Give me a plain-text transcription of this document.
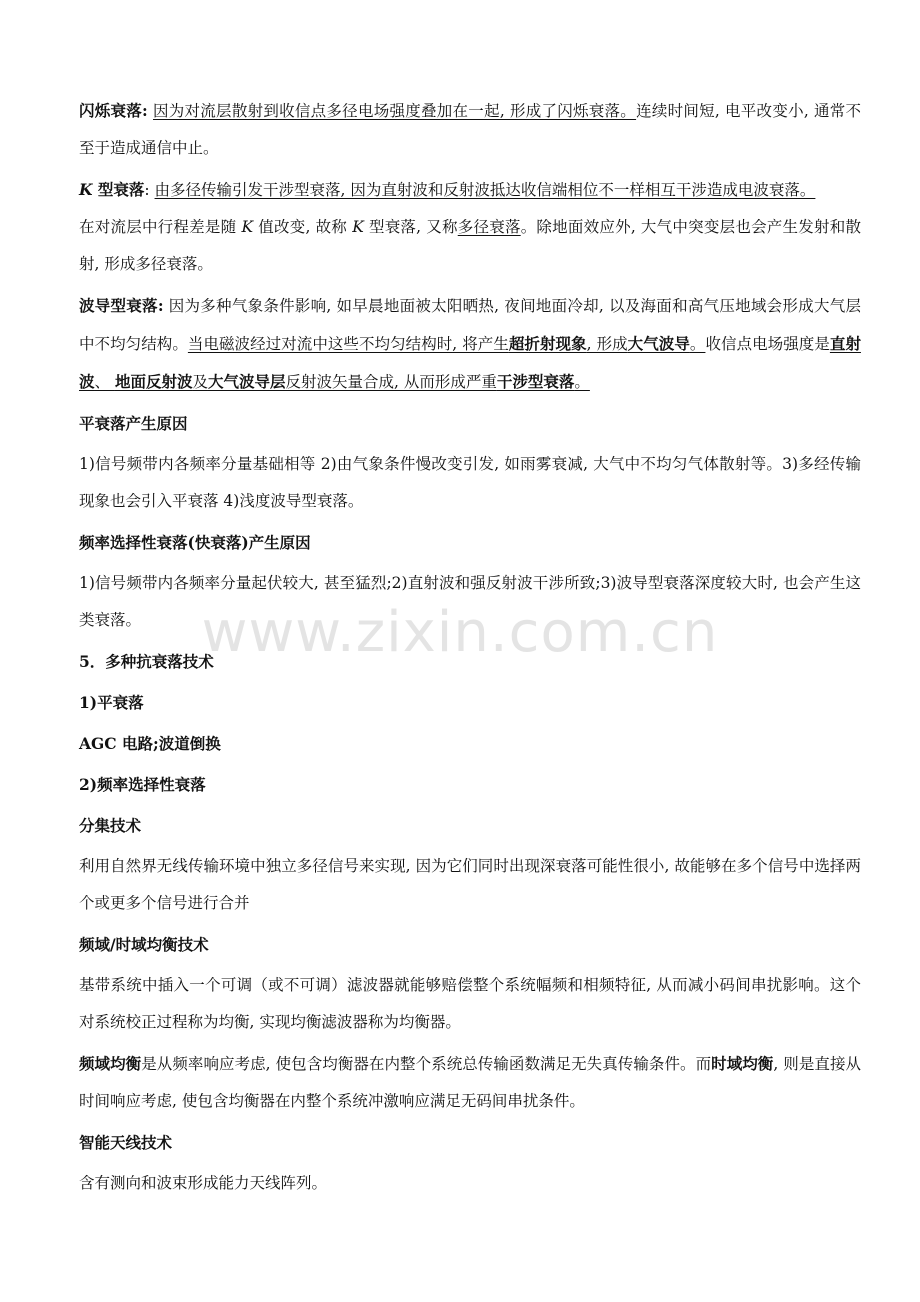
www.zixin.com.cn

闪烁衰落: 因为对流层散射到收信点多径电场强度叠加在一起, 形成了闪烁衰落。连续时间短, 电平改变小, 通常不至于造成通信中止。

K 型衰落: 由多径传输引发干涉型衰落, 因为直射波和反射波抵达收信端相位不一样相互干涉造成电波衰落。
在对流层中行程差是随 K 值改变, 故称 K 型衰落, 又称多径衰落。除地面效应外, 大气中突变层也会产生发射和散射, 形成多径衰落。

波导型衰落: 因为多种气象条件影响, 如早晨地面被太阳晒热, 夜间地面冷却, 以及海面和高气压地域会形成大气层中不均匀结构。当电磁波经过对流中这些不均匀结构时, 将产生超折射现象, 形成大气波导。收信点电场强度是直射波、 地面反射波及大气波导层反射波矢量合成, 从而形成严重干涉型衰落。

平衰落产生原因

1)信号频带内各频率分量基础相等 2)由气象条件慢改变引发, 如雨雾衰减, 大气中不均匀气体散射等。3)多经传输现象也会引入平衰落 4)浅度波导型衰落。

频率选择性衰落(快衰落)产生原因

1)信号频带内各频率分量起伏较大, 甚至猛烈;2)直射波和强反射波干涉所致;3)波导型衰落深度较大时, 也会产生这类衰落。

5．多种抗衰落技术

1)平衰落

AGC 电路;波道倒换

2)频率选择性衰落

分集技术

利用自然界无线传输环境中独立多径信号来实现, 因为它们同时出现深衰落可能性很小, 故能够在多个信号中选择两个或更多个信号进行合并

频域/时域均衡技术

基带系统中插入一个可调（或不可调）滤波器就能够赔偿整个系统幅频和相频特征, 从而减小码间串扰影响。这个对系统校正过程称为均衡, 实现均衡滤波器称为均衡器。

频域均衡是从频率响应考虑, 使包含均衡器在内整个系统总传输函数满足无失真传输条件。而时域均衡, 则是直接从时间响应考虑, 使包含均衡器在内整个系统冲激响应满足无码间串扰条件。

智能天线技术

含有测向和波束形成能力天线阵列。
